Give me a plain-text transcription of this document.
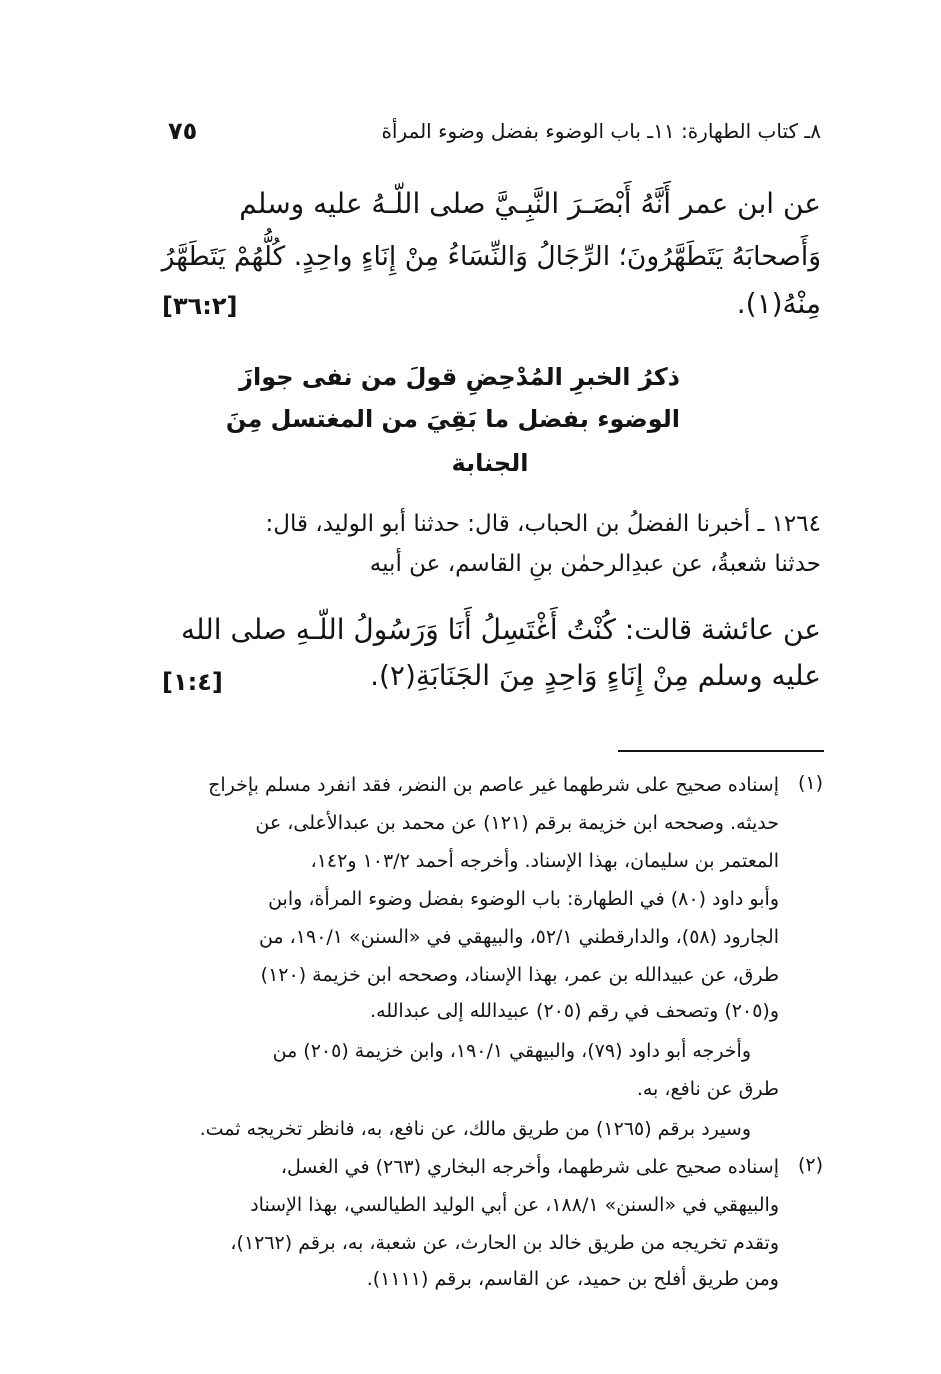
٨ـ كتاب الطهارة: ١١ـ باب الوضوء بفضل وضوء المرأة
٧٥
عن ابن عمر أَنَّهُ أَبْصَـرَ النَّبِـيَّ صلى اللّـهُ عليه وسلم
وَأَصحابَهُ يَتَطَهَّرُونَ؛ الرِّجَالُ وَالنِّسَاءُ مِنْ إِنَاءٍ واحِدٍ. كُلُّهُمْ يَتَطَهَّرُ
مِنْهُ(١).
[٣٦:٢]
ذكرُ الخبرِ المُدْحِضِ قولَ من نفى جوازَ
الوضوء بفضل ما بَقِيَ من المغتسل مِنَ
الجنابة
١٢٦٤ ـ أخبرنا الفضلُ بن الحباب، قال: حدثنا أبو الوليد، قال:
حدثنا شعبةُ، عن عبدِالرحمٰن بنِ القاسم، عن أبيه
عن عائشة قالت: كُنْتُ أَغْتَسِلُ أَنَا وَرَسُولُ اللّـهِ صلى الله
عليه وسلم مِنْ إِنَاءٍ وَاحِدٍ مِنَ الجَنَابَةِ(٢).
[١:٤]
(١)
إسناده صحيح على شرطهما غير عاصم بن النضر، فقد انفرد مسلم بإخراج
حديثه. وصححه ابن خزيمة برقم (١٢١) عن محمد بن عبدالأعلى، عن
المعتمر بن سليمان، بهذا الإسناد. وأخرجه أحمد ١٠٣/٢ و١٤٢،
وأبو داود (٨٠) في الطهارة: باب الوضوء بفضل وضوء المرأة، وابن
الجارود (٥٨)، والدارقطني ٥٢/١، والبيهقي في «السنن» ١٩٠/١، من
طرق، عن عبيدالله بن عمر، بهذا الإسناد، وصححه ابن خزيمة (١٢٠)
و(٢٠٥) وتصحف في رقم (٢٠٥) عبيدالله إلى عبدالله.
وأخرجه أبو داود (٧٩)، والبيهقي ١٩٠/١، وابن خزيمة (٢٠٥) من
طرق عن نافع، به.
وسيرد برقم (١٢٦٥) من طريق مالك، عن نافع، به، فانظر تخريجه ثمت.
(٢)
إسناده صحيح على شرطهما، وأخرجه البخاري (٢٦٣) في الغسل،
والبيهقي في «السنن» ١٨٨/١، عن أبي الوليد الطيالسي، بهذا الإسناد
وتقدم تخريجه من طريق خالد بن الحارث، عن شعبة، به، برقم (١٢٦٢)،
ومن طريق أفلح بن حميد، عن القاسم، برقم (١١١١).
